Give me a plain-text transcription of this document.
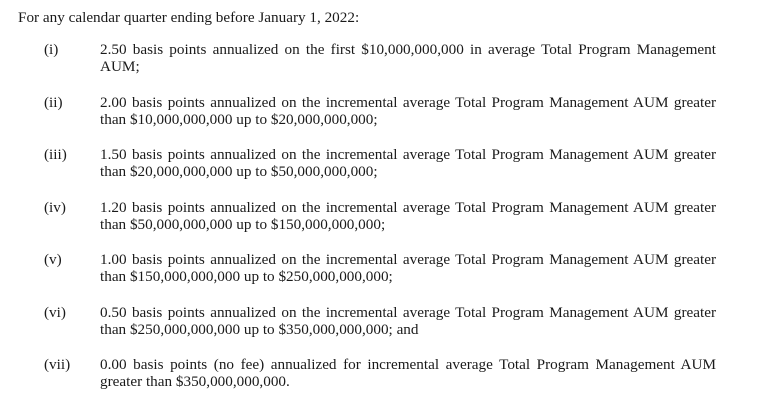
For any calendar quarter ending before January 1, 2022:
(i)	2.50 basis points annualized on the first $10,000,000,000 in average Total Program Management AUM;
(ii) 2.00 basis points annualized on the incremental average Total Program Management AUM greater than $10,000,000,000 up to $20,000,000,000;
(iii) 1.50 basis points annualized on the incremental average Total Program Management AUM greater than $20,000,000,000 up to $50,000,000,000;
(iv) 1.20 basis points annualized on the incremental average Total Program Management AUM greater than $50,000,000,000 up to $150,000,000,000;
(v)	1.00 basis points annualized on the incremental average Total Program Management AUM greater than $150,000,000,000 up to $250,000,000,000;
(vi) 0.50 basis points annualized on the incremental average Total Program Management AUM greater than $250,000,000,000 up to $350,000,000,000; and
(vii) 0.00 basis points (no fee) annualized for incremental average Total Program Management AUM greater than $350,000,000,000.
